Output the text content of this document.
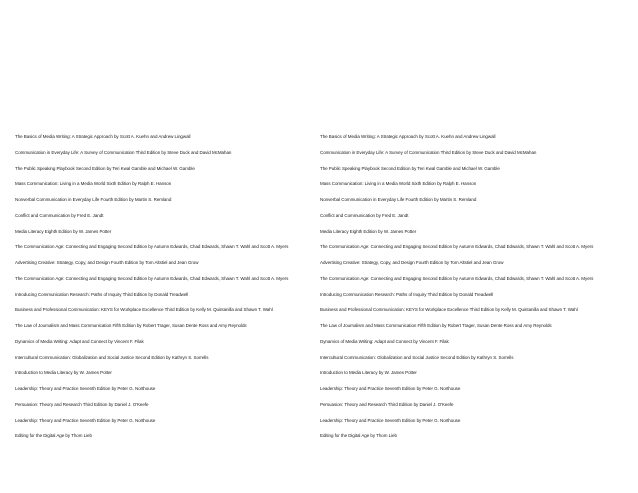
The Basics of Media Writing: A Strategic Approach by Scott A. Kuehn and Andrew Lingwall
Communication in Everyday Life: A Survey of Communication Third Edition by Steve Duck and David McMahan
The Public Speaking Playbook Second Edition by Teri Kwal Gamble and Michael W. Gamble
Mass Communication: Living in a Media World Sixth Edition by Ralph E. Hanson
Nonverbal Communication in Everyday Life Fourth Edition by Martin S. Remland
Conflict and Communication by Fred E. Jandt
Media Literacy Eighth Edition by W. James Potter
The Communication Age: Connecting and Engaging Second Edition by Autumn Edwards, Chad Edwards, Shawn T. Wahl and Scott A. Myers
Advertising Creative: Strategy, Copy, and Design Fourth Edition by Tom Altstiel and Jean Grow
The Communication Age: Connecting and Engaging Second Edition by Autumn Edwards, Chad Edwards, Shawn T. Wahl and Scott A. Myers
Introducing Communication Research: Paths of Inquiry Third Edition by Donald Treadwell
Business and Professional Communication: KEYS for Workplace Excellence Third Edition by Kelly M. Quintanilla and Shawn T. Wahl
The Law of Journalism and Mass Communication Fifth Edition by Robert Trager, Susan Dente Ross and Amy Reynolds
Dynamics of Media Writing: Adapt and Connect by Vincent F. Filak
Intercultural Communication: Globalization and Social Justice Second Edition by Kathryn S. Sorrells
Introduction to Media Literacy by W. James Potter
Leadership: Theory and Practice Seventh Edition by Peter G. Northouse
Persuasion: Theory and Research Third Edition by Daniel J. O'Keefe
Leadership: Theory and Practice Seventh Edition by Peter G. Northouse
Editing for the Digital Age by Thom Lieb
The Basics of Media Writing: A Strategic Approach by Scott A. Kuehn and Andrew Lingwall
Communication in Everyday Life: A Survey of Communication Third Edition by Steve Duck and David McMahan
The Public Speaking Playbook Second Edition by Teri Kwal Gamble and Michael W. Gamble
Mass Communication: Living in a Media World Sixth Edition by Ralph E. Hanson
Nonverbal Communication in Everyday Life Fourth Edition by Martin S. Remland
Conflict and Communication by Fred E. Jandt
Media Literacy Eighth Edition by W. James Potter
The Communication Age: Connecting and Engaging Second Edition by Autumn Edwards, Chad Edwards, Shawn T. Wahl and Scott A. Myers
Advertising Creative: Strategy, Copy, and Design Fourth Edition by Tom Altstiel and Jean Grow
The Communication Age: Connecting and Engaging Second Edition by Autumn Edwards, Chad Edwards, Shawn T. Wahl and Scott A. Myers
Introducing Communication Research: Paths of Inquiry Third Edition by Donald Treadwell
Business and Professional Communication: KEYS for Workplace Excellence Third Edition by Kelly M. Quintanilla and Shawn T. Wahl
The Law of Journalism and Mass Communication Fifth Edition by Robert Trager, Susan Dente Ross and Amy Reynolds
Dynamics of Media Writing: Adapt and Connect by Vincent F. Filak
Intercultural Communication: Globalization and Social Justice Second Edition by Kathryn S. Sorrells
Introduction to Media Literacy by W. James Potter
Leadership: Theory and Practice Seventh Edition by Peter G. Northouse
Persuasion: Theory and Research Third Edition by Daniel J. O'Keefe
Leadership: Theory and Practice Seventh Edition by Peter G. Northouse
Editing for the Digital Age by Thom Lieb
